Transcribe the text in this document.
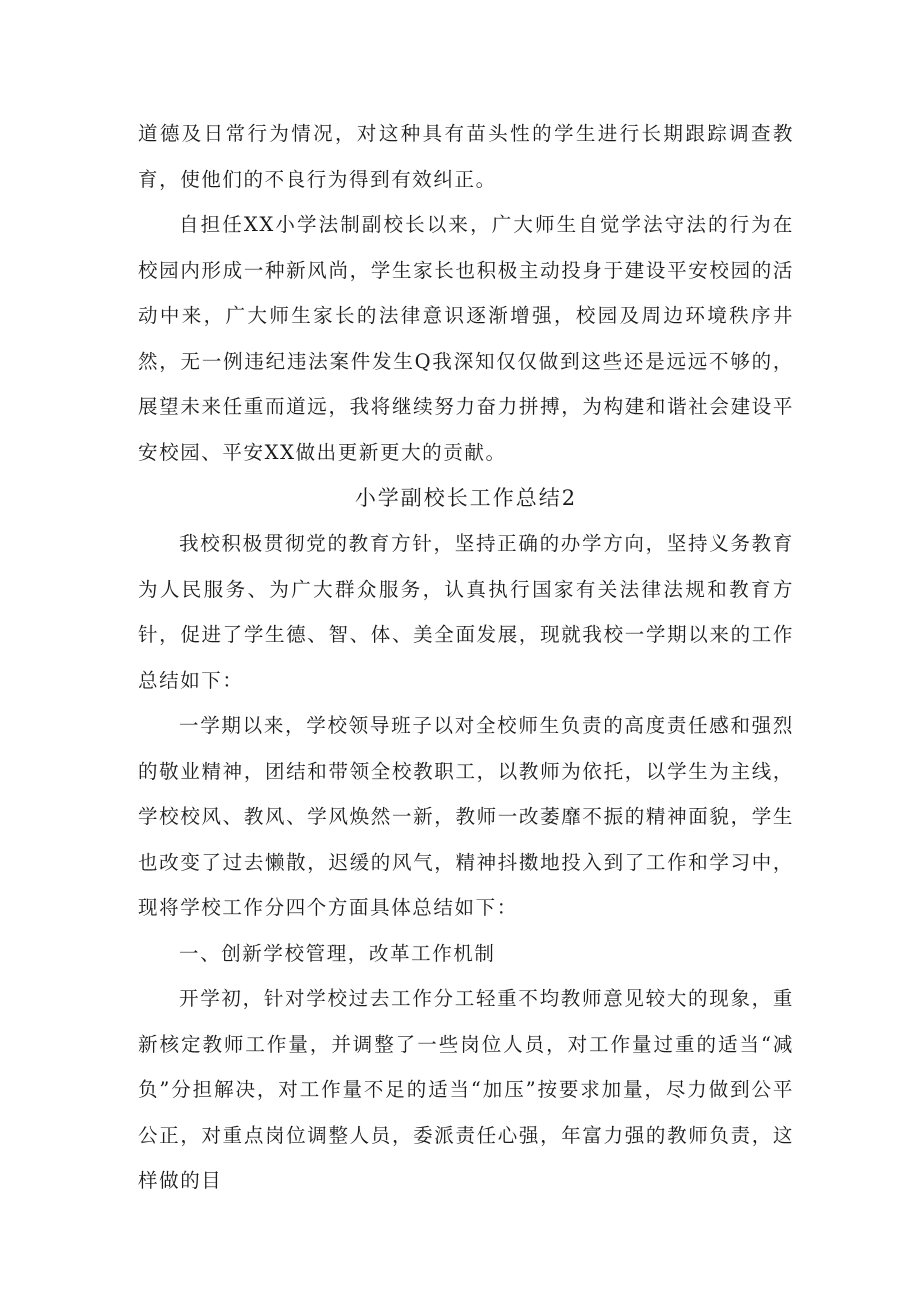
道德及日常行为情况，对这种具有苗头性的学生进行长期跟踪调查教育，使他们的不良行为得到有效纠正。

自担任XX小学法制副校长以来，广大师生自觉学法守法的行为在校园内形成一种新风尚，学生家长也积极主动投身于建设平安校园的活动中来，广大师生家长的法律意识逐渐增强，校园及周边环境秩序井然，无一例违纪违法案件发生Q我深知仅仅做到这些还是远远不够的，展望未来任重而道远，我将继续努力奋力拼搏，为构建和谐社会建设平安校园、平安XX做出更新更大的贡献。

小学副校长工作总结2

我校积极贯彻党的教育方针，坚持正确的办学方向，坚持义务教育为人民服务、为广大群众服务，认真执行国家有关法律法规和教育方针，促进了学生德、智、体、美全面发展，现就我校一学期以来的工作总结如下：

一学期以来，学校领导班子以对全校师生负责的高度责任感和强烈的敬业精神，团结和带领全校教职工，以教师为依托，以学生为主线，学校校风、教风、学风焕然一新，教师一改萎靡不振的精神面貌，学生也改变了过去懒散，迟缓的风气，精神抖擞地投入到了工作和学习中，现将学校工作分四个方面具体总结如下：

一、创新学校管理，改革工作机制

开学初，针对学校过去工作分工轻重不均教师意见较大的现象，重新核定教师工作量，并调整了一些岗位人员，对工作量过重的适当“减负”分担解决，对工作量不足的适当“加压”按要求加量，尽力做到公平公正，对重点岗位调整人员，委派责任心强，年富力强的教师负责，这样做的目
